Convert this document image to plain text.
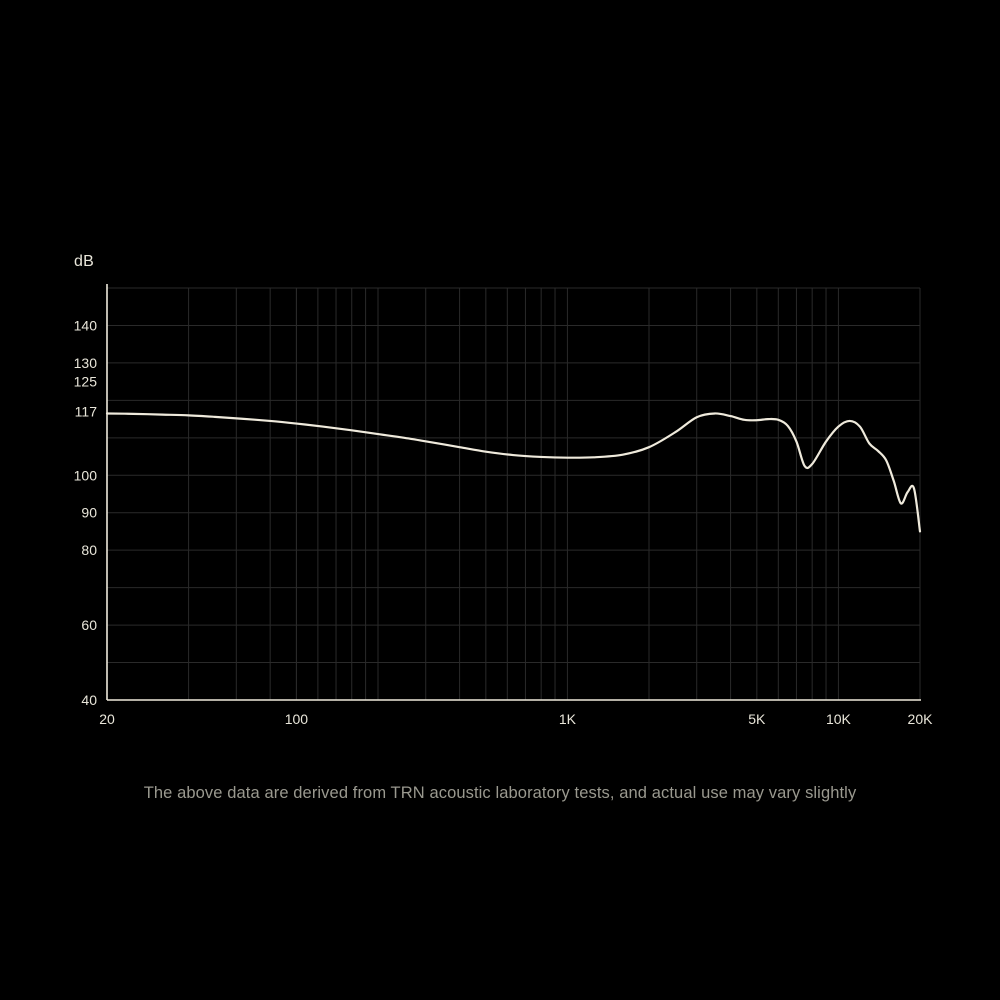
dB
40
60
80
90
100
117
125
130
140
20	100	1K	5K	10K	20K
The above data are derived from TRN acoustic laboratory tests, and actual use may vary slightly
